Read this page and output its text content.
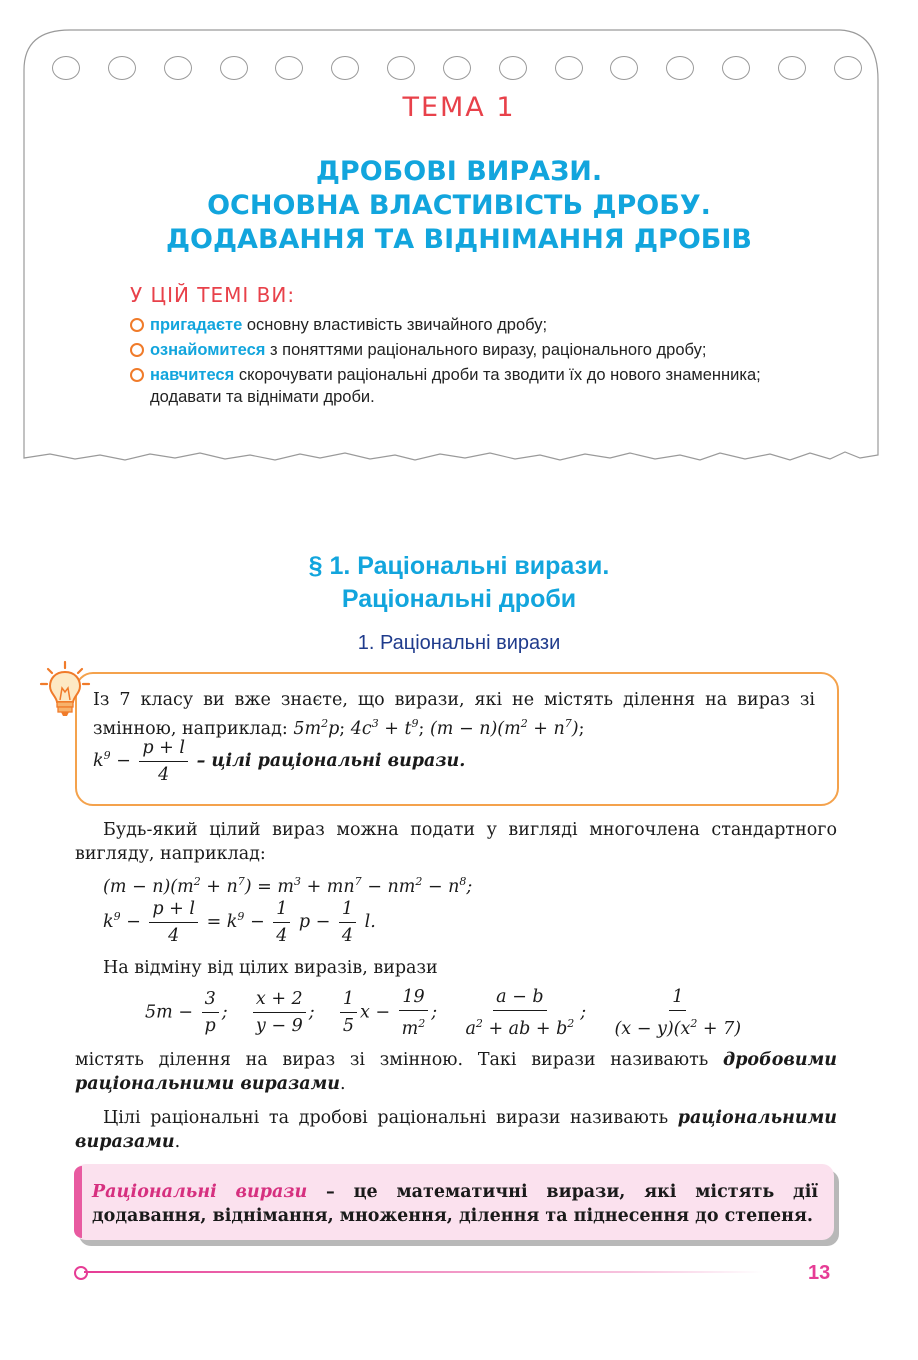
ТЕМА 1
ДРОБОВІ ВИРАЗИ.
ОСНОВНА ВЛАСТИВІСТЬ ДРОБУ.
ДОДАВАННЯ ТА ВІДНІМАННЯ ДРОБІВ
У ЦІЙ ТЕМІ ВИ:
пригадаєте основну властивість звичайного дробу;
ознайомитеся з поняттями раціонального виразу, раціонального дробу;
навчитеся скорочувати раціональні дроби та зводити їх до нового знаменника; додавати та віднімати дроби.
§ 1. Раціональні вирази.
Раціональні дроби
1. Раціональні вирази
Із 7 класу ви вже знаєте, що вирази, які не містять ділення на вираз зі змінною, наприклад: $5m^2p$; $4c^3 + t^9$; $(m - n)(m^2 + n^7)$;
$k^9 - \frac{p + l}{4}$ – цілі раціональні вирази.
Будь-який цілий вираз можна подати у вигляді многочлена стандартного вигляду, наприклад:
$(m - n)(m^2 + n^7) = m^3 + mn^7 - nm^2 - n^8$;
$k^9 - \frac{p + l}{4} = k^9 - \frac{1}{4}$ $p - \frac{1}{4} l$.
На відміну від цілих виразів, вирази
$5m - \frac{3}{p}$ ; $\frac{x + 2}{y - 9}$ ; $\frac{1}{5}$ $x - \frac{19}{m^2}$ ; $\frac{a - b}{a^2 + ab + b^2}$ ; $\frac{1}{(x - y)(x^2 + 7)}$
містять ділення на вираз зі змінною. Такі вирази називають дробовими раціональними виразами.
Цілі раціональні та дробові раціональні вирази називають раціональними виразами.
Раціональні вирази – це математичні вирази, які містять дії додавання, віднімання, множення, ділення та піднесення до степеня.
13
